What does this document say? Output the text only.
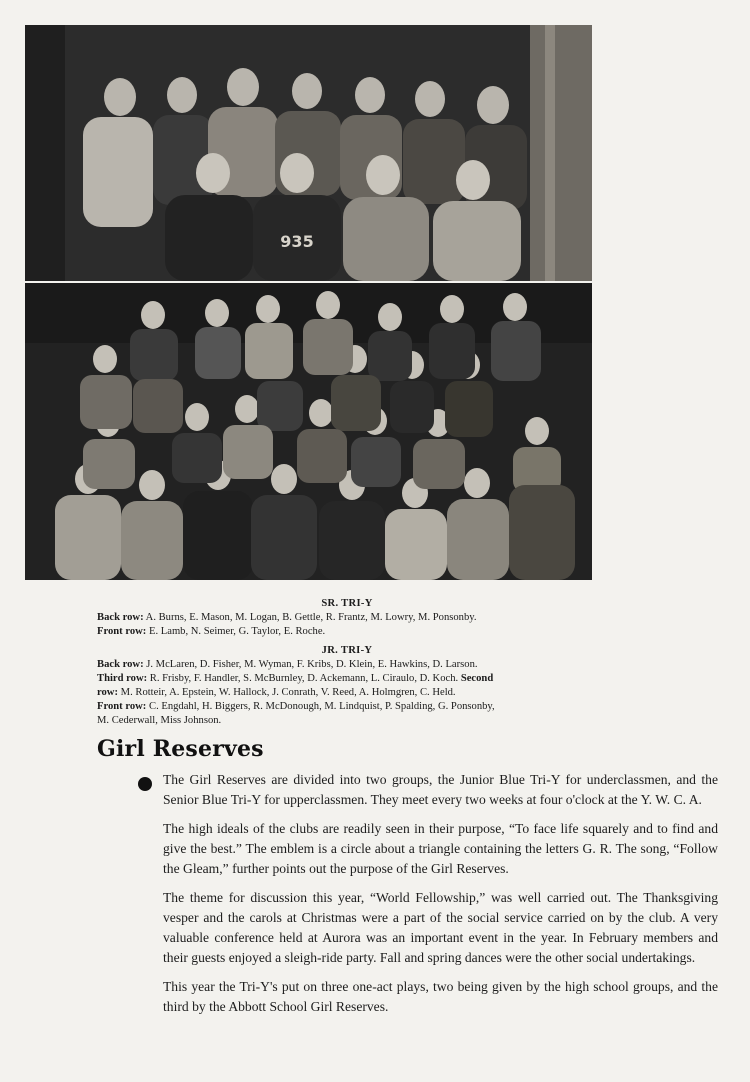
935

SR. TRI-Y

Back row: A. Burns, E. Mason, M. Logan, B. Gettle, R. Frantz, M. Lowry, M. Ponsonby.

Front row: E. Lamb, N. Seimer, G. Taylor, E. Roche.

JR. TRI-Y

Back row: J. McLaren, D. Fisher, M. Wyman, F. Kribs, D. Klein, E. Hawkins, D. Larson.

Third row: R. Frisby, F. Handler, S. McBurnley, D. Ackemann, L. Ciraulo, D. Koch. Second

row: M. Rotteir, A. Epstein, W. Hallock, J. Conrath, V. Reed, A. Holmgren, C. Held.

Front row: C. Engdahl, H. Biggers, R. McDonough, M. Lindquist, P. Spalding, G. Ponsonby,

M. Cederwall, Miss Johnson.

Girl Reserves

The Girl Reserves are divided into two groups, the Junior Blue Tri-Y for underclassmen, and the Senior Blue Tri-Y for upperclassmen. They meet every two weeks at four o'clock at the Y. W. C. A.

The high ideals of the clubs are readily seen in their purpose, “To face life squarely and to find and give the best.” The emblem is a circle about a triangle containing the letters G. R. The song, “Follow the Gleam,” further points out the purpose of the Girl Reserves.

The theme for discussion this year, “World Fellowship,” was well carried out. The Thanksgiving vesper and the carols at Christmas were a part of the social service carried on by the club. A very valuable conference held at Aurora was an important event in the year. In February members and their guests enjoyed a sleigh-ride party. Fall and spring dances were the other social undertakings.

This year the Tri-Y's put on three one-act plays, two being given by the high school groups, and the third by the Abbott School Girl Reserves.
